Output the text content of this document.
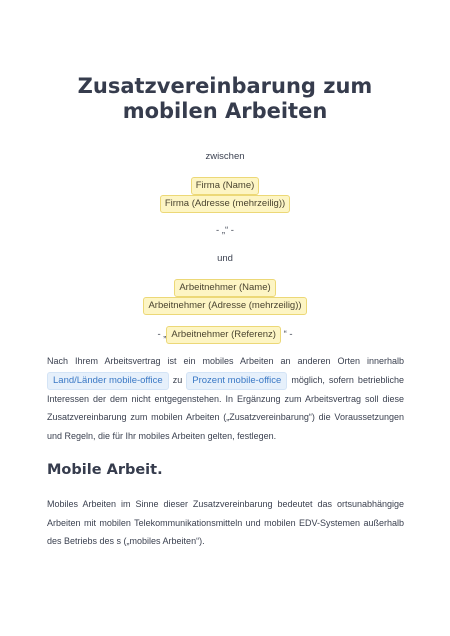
Zusatzvereinbarung zum mobilen Arbeiten
zwischen
Firma (Name)
Firma (Adresse (mehrzeilig))
- „“ -
und
Arbeitnehmer (Name)
Arbeitnehmer (Adresse (mehrzeilig))
- „ Arbeitnehmer (Referenz) “ -
Nach Ihrem Arbeitsvertrag ist ein mobiles Arbeiten an anderen Orten innerhalb Land/Länder mobile-office zu Prozent mobile-office möglich, sofern betriebliche Interessen der dem nicht entgegenstehen. In Ergänzung zum Arbeitsvertrag soll diese Zusatzvereinbarung zum mobilen Arbeiten („Zusatzvereinbarung“) die Voraussetzungen und Regeln, die für Ihr mobiles Arbeiten gelten, festlegen.
Mobile Arbeit.
Mobiles Arbeiten im Sinne dieser Zusatzvereinbarung bedeutet das ortsunabhängige Arbeiten mit mobilen Telekommunikationsmitteln und mobilen EDV-Systemen außerhalb des Betriebs des s („mobiles Arbeiten“).
